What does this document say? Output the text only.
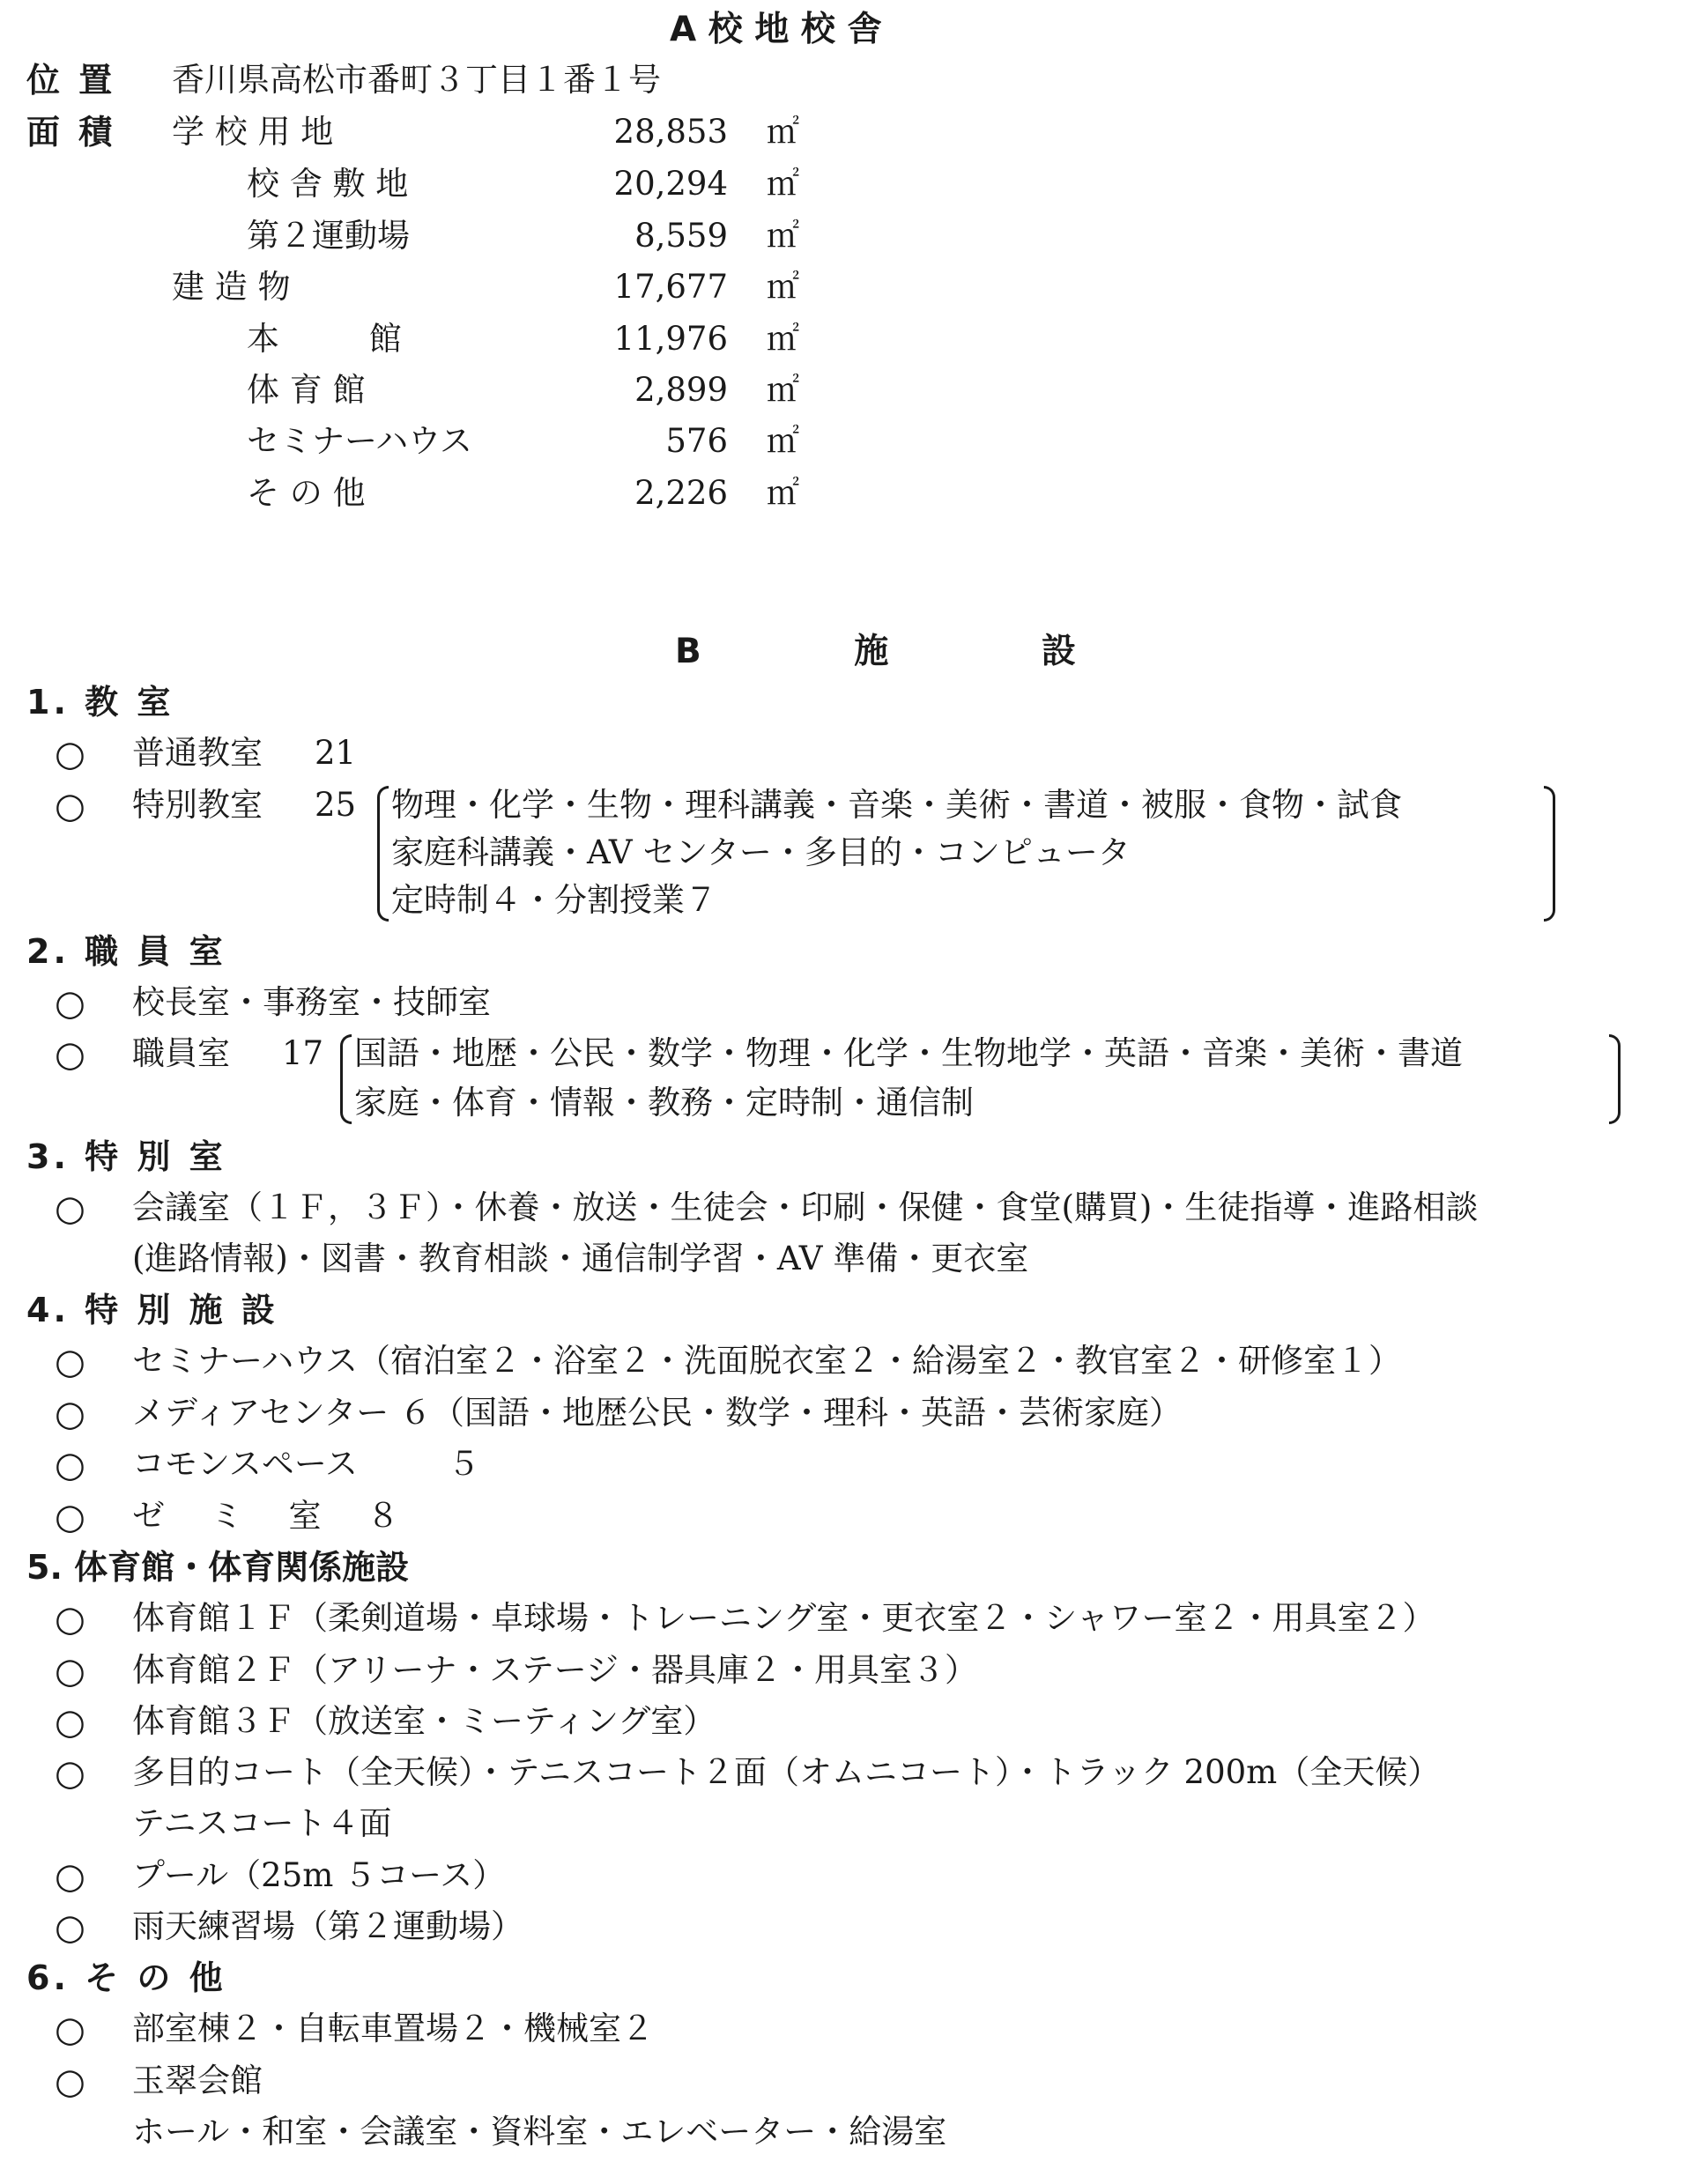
A 校 地 校 舎
位 置 香川県高松市番町３丁目１番１号
面 積 学 校 用 地	28,853 ㎡
校 舎 敷 地	20,294 ㎡
第２運動場	8,559 ㎡
建 造 物	17,677 ㎡
本 館	11,976 ㎡
体 育 館	2,899 ㎡
セミナーハウス	576 ㎡
そ の 他	2,226 ㎡
B 施 設
1. 教 室
○ 普通教室 21
○ 特別教室 25 物理・化学・生物・理科講義・音楽・美術・書道・被服・食物・試食
家庭科講義・AV センター・多目的・コンピュータ
定時制４・分割授業７
2. 職 員 室
○ 校長室・事務室・技師室
○ 職員室 17 国語・地歴・公民・数学・物理・化学・生物地学・英語・音楽・美術・書道
家庭・体育・情報・教務・定時制・通信制
3. 特 別 室
○ 会議室（１Ｆ，３Ｆ）・休養・放送・生徒会・印刷・保健・食堂(購買)・生徒指導・進路相談
(進路情報)・図書・教育相談・通信制学習・AV 準備・更衣室
4. 特 別 施 設
○ セミナーハウス（宿泊室２・浴室２・洗面脱衣室２・給湯室２・教官室２・研修室１）
○ メディアセンター ６（国語・地歴公民・数学・理科・英語・芸術家庭）
○ コモンスペース ５
○ ゼ ミ 室 ８
5. 体育館・体育関係施設
○ 体育館１Ｆ（柔剣道場・卓球場・トレーニング室・更衣室２・シャワー室２・用具室２）
○ 体育館２Ｆ（アリーナ・ステージ・器具庫２・用具室３）
○ 体育館３Ｆ（放送室・ミーティング室）
○ 多目的コート（全天候）・テニスコート２面（オムニコート）・トラック 200m（全天候）
テニスコート４面
○ プール（25m ５コース）
○ 雨天練習場（第２運動場）
6. そ の 他
○ 部室棟２・自転車置場２・機械室２
○ 玉翠会館
ホール・和室・会議室・資料室・エレベーター・給湯室
